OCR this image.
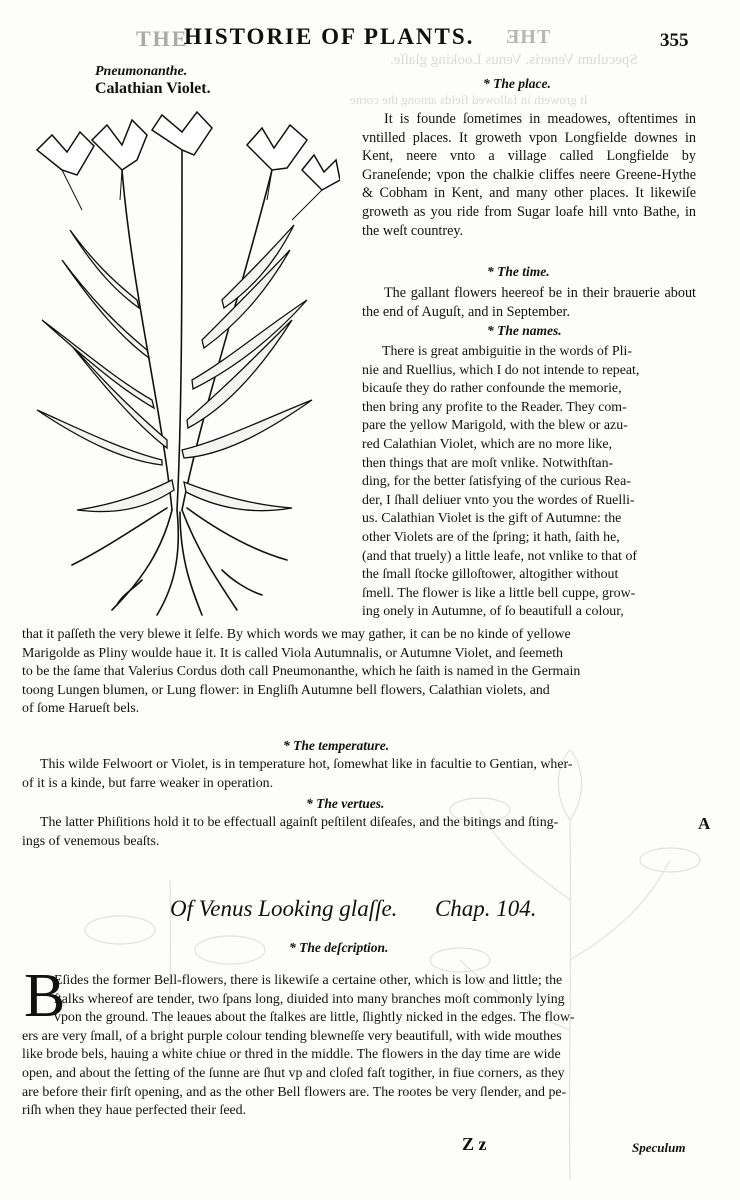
Speculum Veneris. Venus Looking glaſſe.
It groweth in fallowed fields among the corne
THE
HISTORIE OF PLANTS. THE	355
Pneumonanthe.
Calathian Violet.	* The place.
It is founde ſometimes in meadowes, oftentimes in vntilled places. It groweth vpon Longfielde downes in Kent, neere vnto a village called Longfielde by Graneſende; vpon the chalkie cliffes neere Greene-Hythe & Cobham in Kent, and many other places. It likewiſe groweth as you ride from Sugar loafe hill vnto Bathe, in the weſt countrey.
* The time.
The gallant flowers heereof be in their brauerie about the end of Auguſt, and in September.
* The names.

There is great ambiguitie in the words of Pli-

nie and Ruellius, which I do not intende to repeat,

bicauſe they do rather confounde the memorie,

then bring any profite to the Reader. They com-

pare the yellow Marigold, with the blew or azu-

red Calathian Violet, which are no more like,

then things that are moſt vnlike. Notwithſtan-

ding, for the better ſatisfying of the curious Rea-

der, I ſhall deliuer vnto you the wordes of Ruelli-

us. Calathian Violet is the gift of Autumne: the

other Violets are of the ſpring; it hath, ſaith he,

(and that truely) a little leafe, not vnlike to that of

the ſmall ſtocke gilloſtower, altogither without

ſmell. The flower is like a little bell cuppe, grow-

ing onely in Autumne, of ſo beautifull a colour,

that it paſſeth the very blewe it ſelfe. By which words we may gather, it can be no kinde of yellowe

Marigolde as Pliny woulde haue it. It is called Viola Autumnalis, or Autumne Violet, and ſeemeth

to be the ſame that Valerius Cordus doth call Pneumonanthe, which he ſaith is named in the Germain

toong Lungen blumen, or Lung flower: in Engliſh Autumne bell flowers, Calathian violets, and

of ſome Harueſt bels.

* The temperature.

This wilde Felwoort or Violet, is in temperature hot, ſomewhat like in facultie to Gentian, wher-

of it is a kinde, but farre weaker in operation.

* The vertues.

The latter Phiſitions hold it to be effectuall againſt peſtilent diſeaſes, and the bitings and ſting-

ings of venemous beaſts.

A
Of Venus Looking glaſſe. Chap. 104.
* The deſcription.
B

Eſides the former Bell-flowers, there is likewiſe a certaine other, which is low and little; the

ſtalks whereof are tender, two ſpans long, diuided into many branches moſt commonly lying

vpon the ground. The leaues about the ſtalkes are little, ſlightly nicked in the edges. The flow-

ers are very ſmall, of a bright purple colour tending blewneſſe very beautifull, with wide mouthes

like brode bels, hauing a white chiue or thred in the middle. The flowers in the day time are wide

open, and about the ſetting of the ſunne are ſhut vp and cloſed faſt togither, in fiue corners, as they

are before their firſt opening, and as the other Bell flowers are. The rootes be very ſlender, and pe-

riſh when they haue perfected their ſeed.

Z z	Speculum
